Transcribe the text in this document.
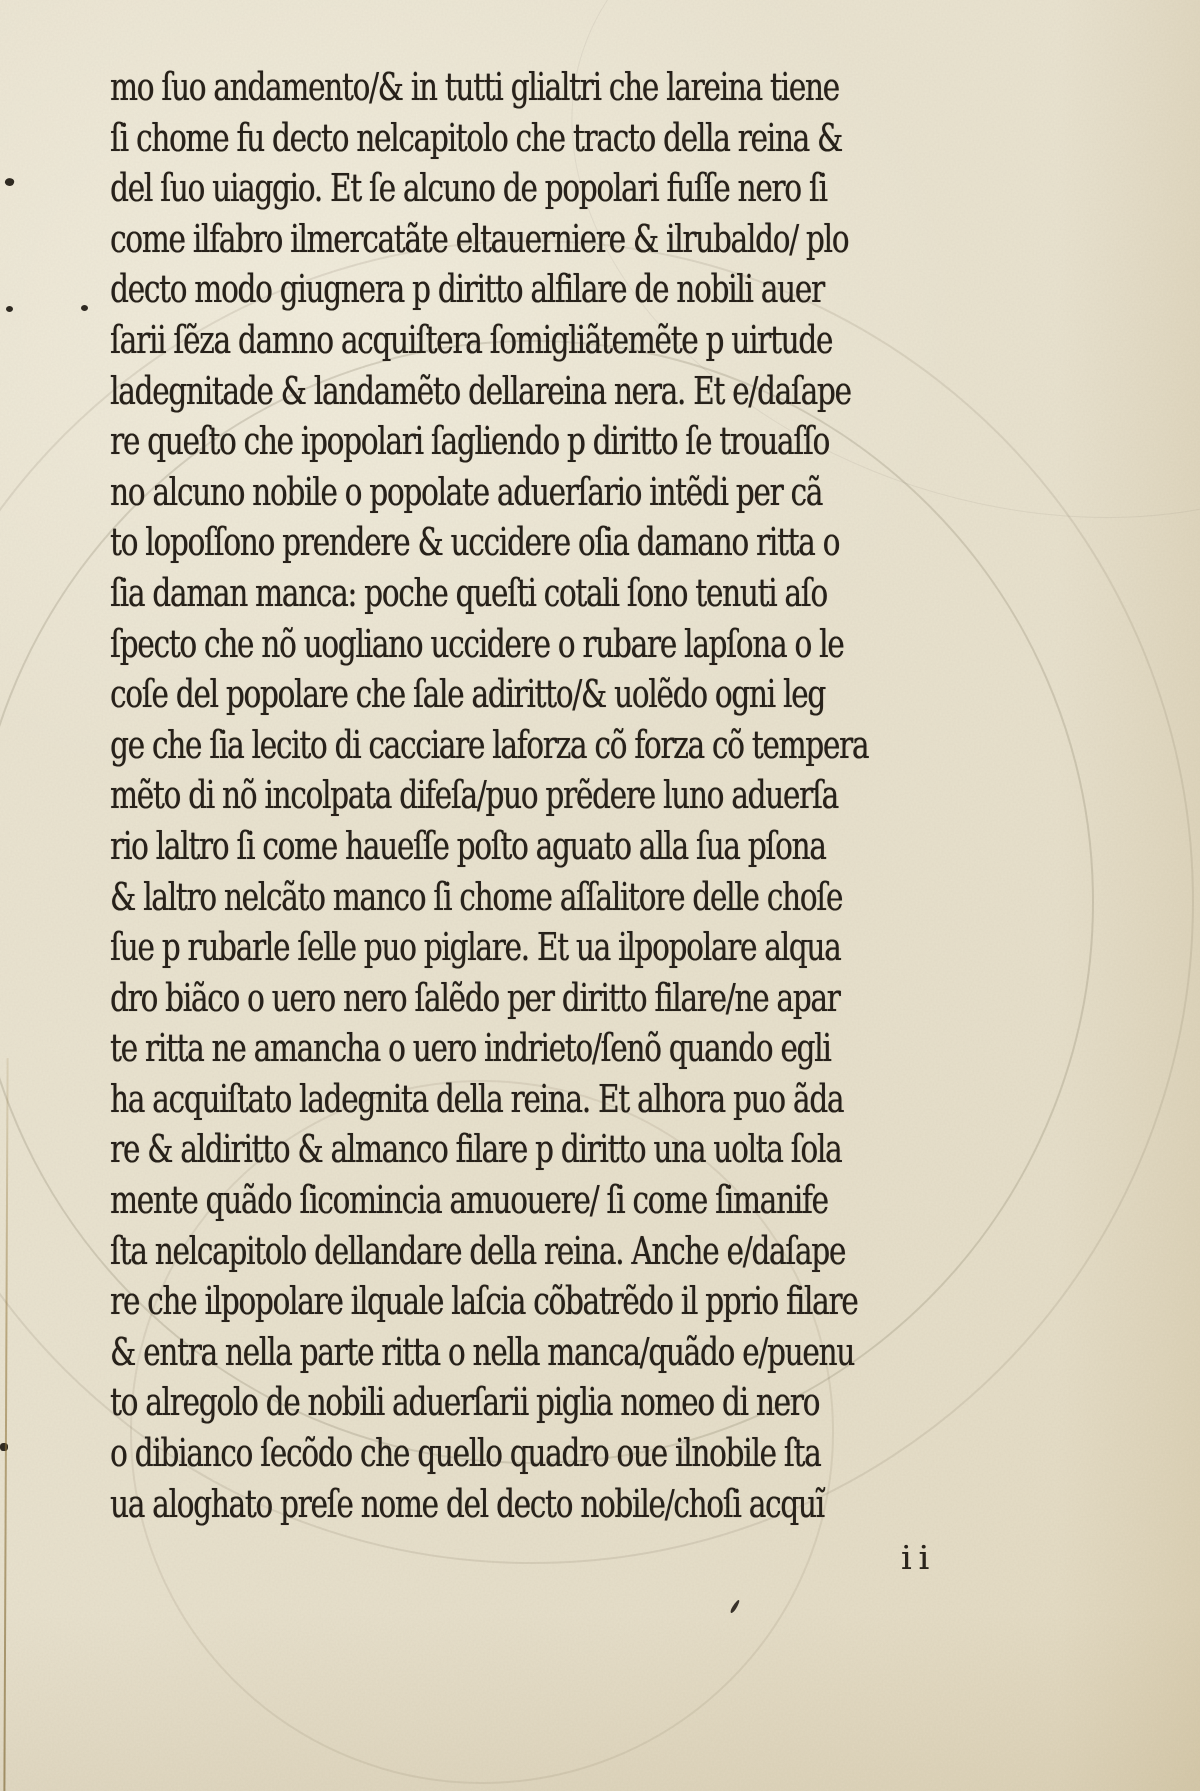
mo ſuo andamento/& in tutti glialtri che lareina tiene
ſi chome fu decto nelcapitolo che tracto della reina &
del ſuo uiaggio. Et ſe alcuno de popolari fuſſe nero ſi
come ilfabro ilmercatãte eltauerniere & ilrubaldo/ plo
decto modo giugnera p diritto alfilare de nobili auer
ſarii ſẽza damno acquiſtera ſomigliãtemẽte p uirtude
ladegnitade & landamẽto dellareina nera. Et e/daſape
re queſto che ipopolari ſagliendo p diritto ſe trouaſſo
no alcuno nobile o popolate aduerſario intẽdi per cã
to lopoſſono prendere & uccidere oſia damano ritta o
ſia daman manca: poche queſti cotali ſono tenuti aſo
ſpecto che nõ uogliano uccidere o rubare lapſona o le
coſe del popolare che ſale adiritto/& uolẽdo ogni leg
ge che ſia lecito di cacciare laforza cõ forza cõ tempera
mẽto di nõ incolpata difeſa/puo prẽdere luno aduerſa
rio laltro ſi come haueſſe poſto aguato alla ſua pſona
& laltro nelcãto manco ſi chome aſſalitore delle choſe
ſue p rubarle ſelle puo piglare. Et ua ilpopolare alqua
dro biãco o uero nero ſalẽdo per diritto filare/ne apar
te ritta ne amancha o uero indrieto/ſenõ quando egli
ha acquiſtato ladegnita della reina. Et alhora puo ãda
re & aldiritto & almanco filare p diritto una uolta ſola
mente quãdo ſicomincia amuouere/ ſi come ſimanife
ſta nelcapitolo dellandare della reina. Anche e/daſape
re che ilpopolare ilquale laſcia cõbatrẽdo il pprio filare
& entra nella parte ritta o nella manca/quãdo e/puenu
to alregolo de nobili aduerſarii piglia nomeo di nero
o dibianco ſecõdo che quello quadro oue ilnobile ſta
ua aloghato preſe nome del decto nobile/choſi acquĩ
ii
